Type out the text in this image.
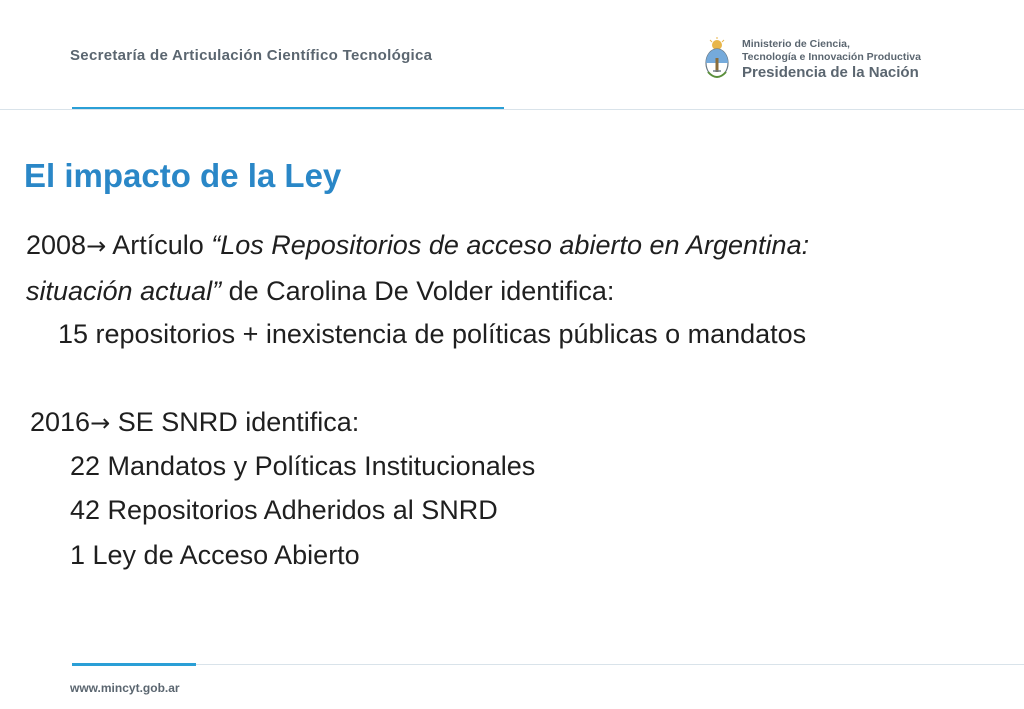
Secretaría de Articulación Científico Tecnológica
Ministerio de Ciencia,
Tecnología e Innovación Productiva
Presidencia de la Nación
El impacto de la Ley
2008→ Artículo “Los Repositorios de acceso abierto en Argentina:
situación actual” de Carolina De Volder identifica:
15 repositorios + inexistencia de políticas públicas o mandatos
2016→ SE SNRD identifica:
22 Mandatos y Políticas Institucionales
42 Repositorios Adheridos al SNRD
1 Ley de Acceso Abierto
www.mincyt.gob.ar
